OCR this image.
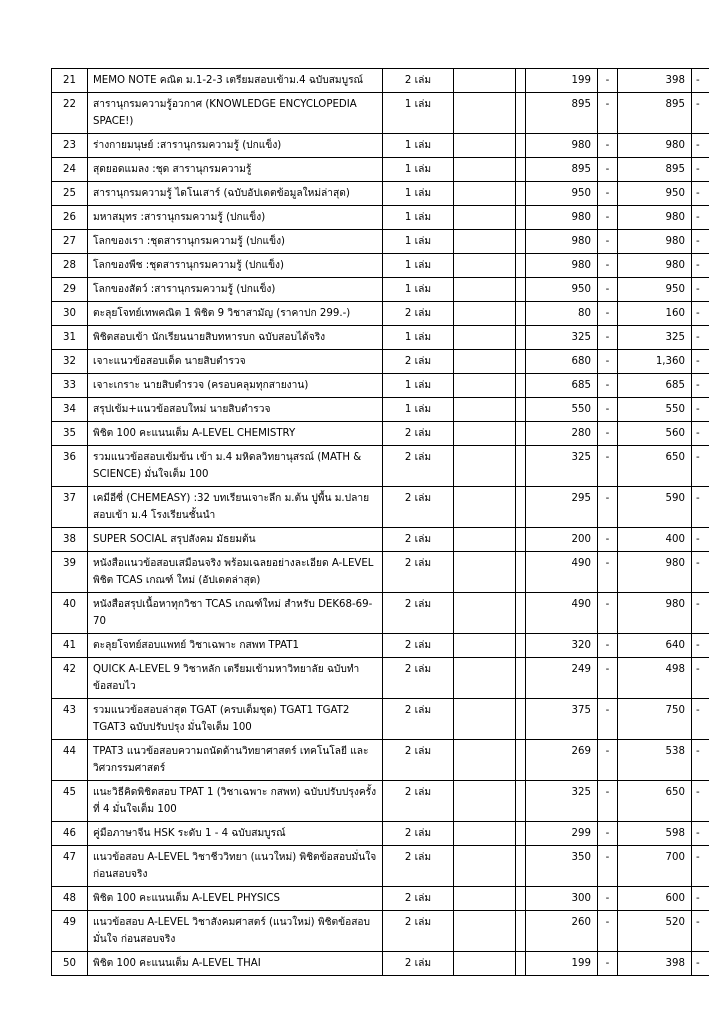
21	MEMO NOTE คณิต ม.1-2-3 เตรียมสอบเข้าม.4 ฉบับสมบูรณ์	2 เล่ม			199	-	398	-
22	สารานุกรมความรู้อวกาศ (KNOWLEDGE ENCYCLOPEDIA SPACE!)	1 เล่ม			895	-	895	-
23	ร่างกายมนุษย์ :สารานุกรมความรู้ (ปกแข็ง)	1 เล่ม			980	-	980	-
24	สุดยอดแมลง :ชุด สารานุกรมความรู้	1 เล่ม			895	-	895	-
25	สารานุกรมความรู้ ไดโนเสาร์ (ฉบับอัปเดตข้อมูลใหม่ล่าสุด)	1 เล่ม			950	-	950	-
26	มหาสมุทร :สารานุกรมความรู้ (ปกแข็ง)	1 เล่ม			980	-	980	-
27	โลกของเรา :ชุดสารานุกรมความรู้ (ปกแข็ง)	1 เล่ม			980	-	980	-
28	โลกของพืช :ชุดสารานุกรมความรู้ (ปกแข็ง)	1 เล่ม			980	-	980	-
29	โลกของสัตว์ :สารานุกรมความรู้ (ปกแข็ง)	1 เล่ม			950	-	950	-
30	ตะลุยโจทย์เทพคณิต 1 พิชิต 9 วิชาสามัญ (ราคาปก 299.-)	2 เล่ม			80	-	160	-
31	พิชิตสอบเข้า นักเรียนนายสิบทหารบก ฉบับสอบได้จริง	1 เล่ม			325	-	325	-
32	เจาะแนวข้อสอบเด็ด นายสิบตำรวจ	2 เล่ม			680	-	1,360	-
33	เจาะเกราะ นายสิบตำรวจ (ครอบคลุมทุกสายงาน)	1 เล่ม			685	-	685	-
34	สรุปเข้ม+แนวข้อสอบใหม่ นายสิบตำรวจ	1 เล่ม			550	-	550	-
35	พิชิต 100 คะแนนเต็ม A-LEVEL CHEMISTRY	2 เล่ม			280	-	560	-
36	รวมแนวข้อสอบเข้มข้น เข้า ม.4 มหิดลวิทยานุสรณ์ (MATH & SCIENCE) มั่นใจเต็ม 100	2 เล่ม			325	-	650	-
37	เคมีอีซี่ (CHEMEASY) :32 บทเรียนเจาะลึก ม.ต้น ปูพื้น ม.ปลาย สอบเข้า ม.4 โรงเรียนชั้นนำ	2 เล่ม			295	-	590	-
38	SUPER SOCIAL สรุปสังคม มัธยมต้น	2 เล่ม			200	-	400	-
39	หนังสือแนวข้อสอบเสมือนจริง พร้อมเฉลยอย่างละเอียด A-LEVEL พิชิต TCAS เกณฑ์ ใหม่ (อัปเดตล่าสุด)	2 เล่ม			490	-	980	-
40	หนังสือสรุปเนื้อหาทุกวิชา TCAS เกณฑ์ใหม่ สำหรับ DEK68-69-70	2 เล่ม			490	-	980	-
41	ตะลุยโจทย์สอบแพทย์ วิชาเฉพาะ กสพท TPAT1	2 เล่ม			320	-	640	-
42	QUICK A-LEVEL 9 วิชาหลัก เตรียมเข้ามหาวิทยาลัย ฉบับทำข้อสอบไว	2 เล่ม			249	-	498	-
43	รวมแนวข้อสอบล่าสุด TGAT (ครบเต็มชุด) TGAT1 TGAT2 TGAT3 ฉบับปรับปรุง มั่นใจเต็ม 100	2 เล่ม			375	-	750	-
44	TPAT3 แนวข้อสอบความถนัดด้านวิทยาศาสตร์ เทคโนโลยี และวิศวกรรมศาสตร์	2 เล่ม			269	-	538	-
45	แนะวิธีคิดพิชิตสอบ TPAT 1 (วิชาเฉพาะ กสพท) ฉบับปรับปรุงครั้งที่ 4 มั่นใจเต็ม 100	2 เล่ม			325	-	650	-
46	คู่มือภาษาจีน HSK ระดับ 1 - 4 ฉบับสมบูรณ์	2 เล่ม			299	-	598	-
47	แนวข้อสอบ A-LEVEL วิชาชีววิทยา (แนวใหม่) พิชิตข้อสอบมั่นใจ ก่อนสอบจริง	2 เล่ม			350	-	700	-
48	พิชิต 100 คะแนนเต็ม A-LEVEL PHYSICS	2 เล่ม			300	-	600	-
49	แนวข้อสอบ A-LEVEL วิชาสังคมศาสตร์ (แนวใหม่) พิชิตข้อสอบมั่นใจ ก่อนสอบจริง	2 เล่ม			260	-	520	-
50	พิชิต 100 คะแนนเต็ม A-LEVEL THAI	2 เล่ม			199	-	398	-
